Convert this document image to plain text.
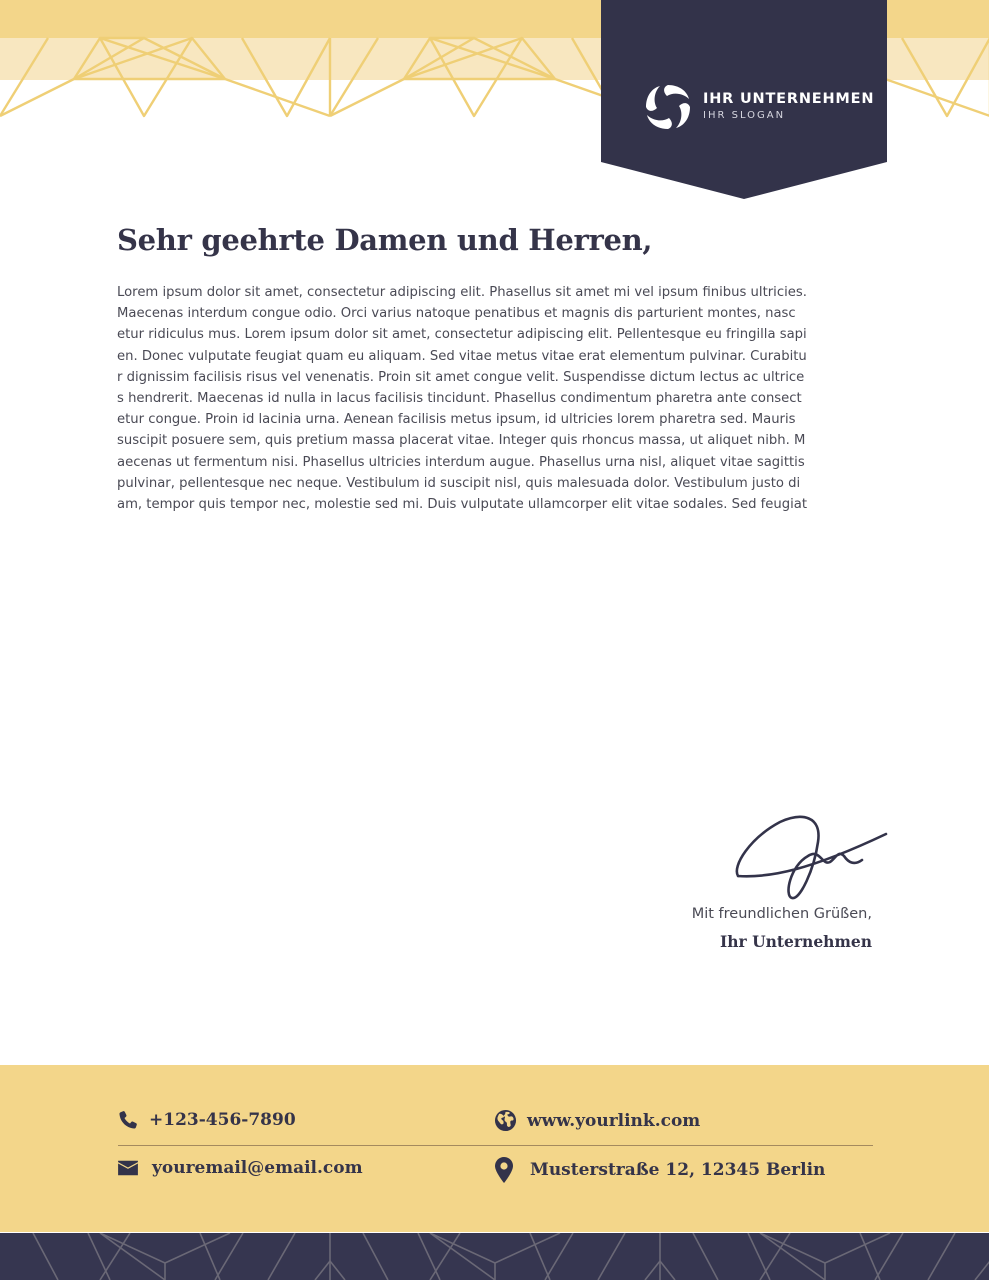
IHR UNTERNEHMEN
IHR SLOGAN
Sehr geehrte Damen und Herren,
Lorem ipsum dolor sit amet, consectetur adipiscing elit. Phasellus sit amet mi vel ipsum finibus ultricies.
Maecenas interdum congue odio. Orci varius natoque penatibus et magnis dis parturient montes, nasc
etur ridiculus mus. Lorem ipsum dolor sit amet, consectetur adipiscing elit. Pellentesque eu fringilla sapi
en. Donec vulputate feugiat quam eu aliquam. Sed vitae metus vitae erat elementum pulvinar. Curabitu
r dignissim facilisis risus vel venenatis. Proin sit amet congue velit. Suspendisse dictum lectus ac ultrice
s hendrerit. Maecenas id nulla in lacus facilisis tincidunt. Phasellus condimentum pharetra ante consect
etur congue. Proin id lacinia urna. Aenean facilisis metus ipsum, id ultricies lorem pharetra sed. Mauris
suscipit posuere sem, quis pretium massa placerat vitae. Integer quis rhoncus massa, ut aliquet nibh. M
aecenas ut fermentum nisi. Phasellus ultricies interdum augue. Phasellus urna nisl, aliquet vitae sagittis
pulvinar, pellentesque nec neque. Vestibulum id suscipit nisl, quis malesuada dolor. Vestibulum justo di
am, tempor quis tempor nec, molestie sed mi. Duis vulputate ullamcorper elit vitae sodales. Sed feugiat
Mit freundlichen Grüßen,
Ihr Unternehmen
+123-456-7890	www.yourlink.com
youremail@email.com	Musterstraße 12, 12345 Berlin
